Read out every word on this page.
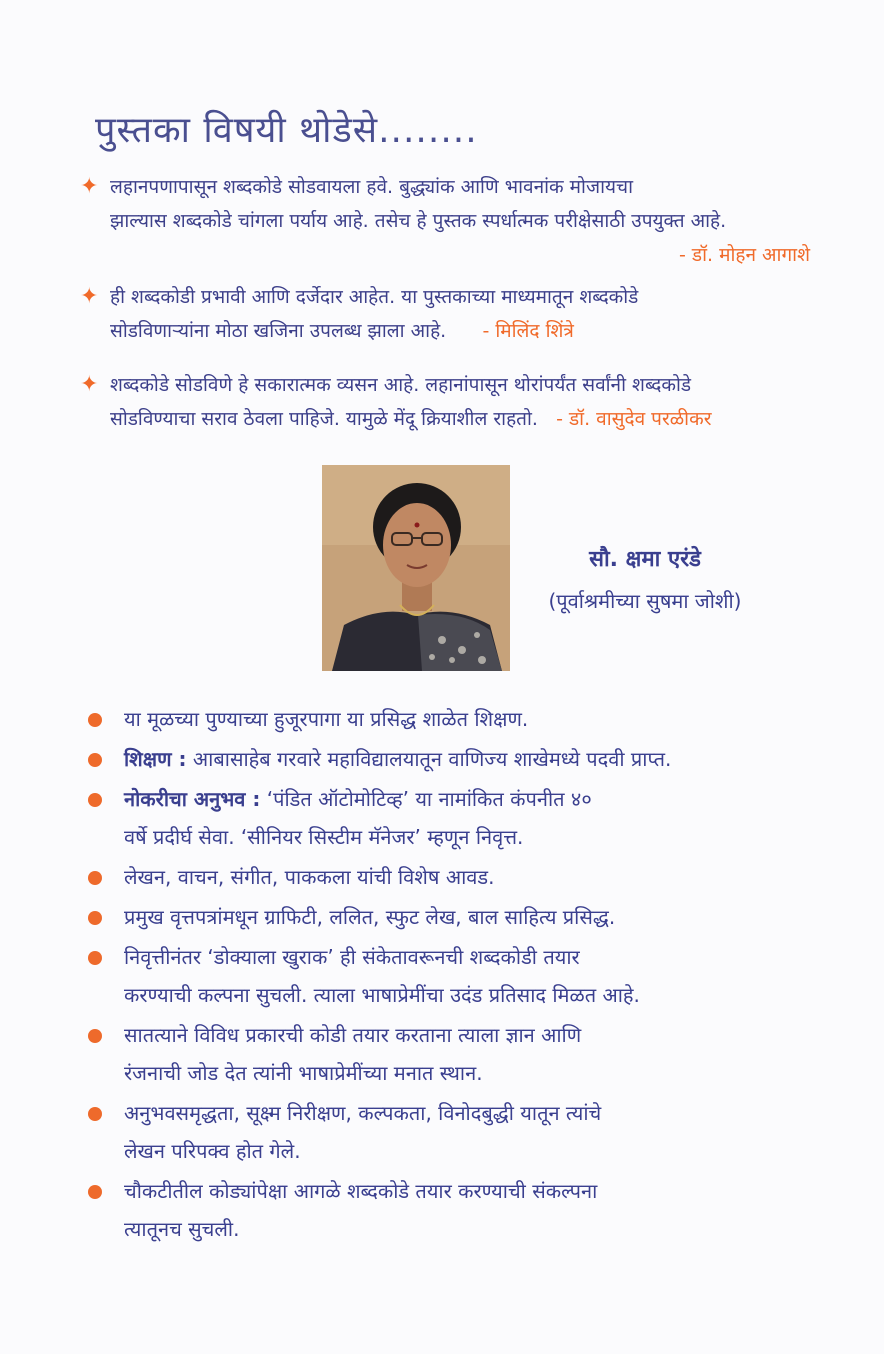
पुस्तका विषयी थोडेसे........
✦ लहानपणापासून शब्दकोडे सोडवायला हवे. बुद्ध्यांक आणि भावनांक मोजायचा
झाल्यास शब्दकोडे चांगला पर्याय आहे. तसेच हे पुस्तक स्पर्धात्मक परीक्षेसाठी उपयुक्त आहे.
- डॉ. मोहन आगाशे
✦ ही शब्दकोडी प्रभावी आणि दर्जेदार आहेत. या पुस्तकाच्या माध्यमातून शब्दकोडे
सोडविणाऱ्यांना मोठा खजिना उपलब्ध झाला आहे. - मिलिंद शिंत्रे
✦ शब्दकोडे सोडविणे हे सकारात्मक व्यसन आहे. लहानांपासून थोरांपर्यंत सर्वांनी शब्दकोडे
सोडविण्याचा सराव ठेवला पाहिजे. यामुळे मेंदू क्रियाशील राहतो. - डॉ. वासुदेव परळीकर
सौ. क्षमा एरंडे
(पूर्वाश्रमीच्या सुषमा जोशी)
या मूळच्या पुण्याच्या हुजूरपागा या प्रसिद्ध शाळेत शिक्षण.
शिक्षण : आबासाहेब गरवारे महाविद्यालयातून वाणिज्य शाखेमध्ये पदवी प्राप्त.
नोकरीचा अनुभव : ‘पंडित ऑटोमोटिव्ह’ या नामांकित कंपनीत ४०
वर्षे प्रदीर्घ सेवा. ‘सीनियर सिस्टीम मॅनेजर’ म्हणून निवृत्त.
लेखन, वाचन, संगीत, पाककला यांची विशेष आवड.
प्रमुख वृत्तपत्रांमधून ग्राफिटी, ललित, स्फुट लेख, बाल साहित्य प्रसिद्ध.
निवृत्तीनंतर ‘डोक्याला खुराक’ ही संकेतावरूनची शब्दकोडी तयार
करण्याची कल्पना सुचली. त्याला भाषाप्रेमींचा उदंड प्रतिसाद मिळत आहे.
सातत्याने विविध प्रकारची कोडी तयार करताना त्याला ज्ञान आणि
रंजनाची जोड देत त्यांनी भाषाप्रेमींच्या मनात स्थान.
अनुभवसमृद्धता, सूक्ष्म निरीक्षण, कल्पकता, विनोदबुद्धी यातून त्यांचे
लेखन परिपक्व होत गेले.
चौकटीतील कोड्यांपेक्षा आगळे शब्दकोडे तयार करण्याची संकल्पना
त्यातूनच सुचली.
